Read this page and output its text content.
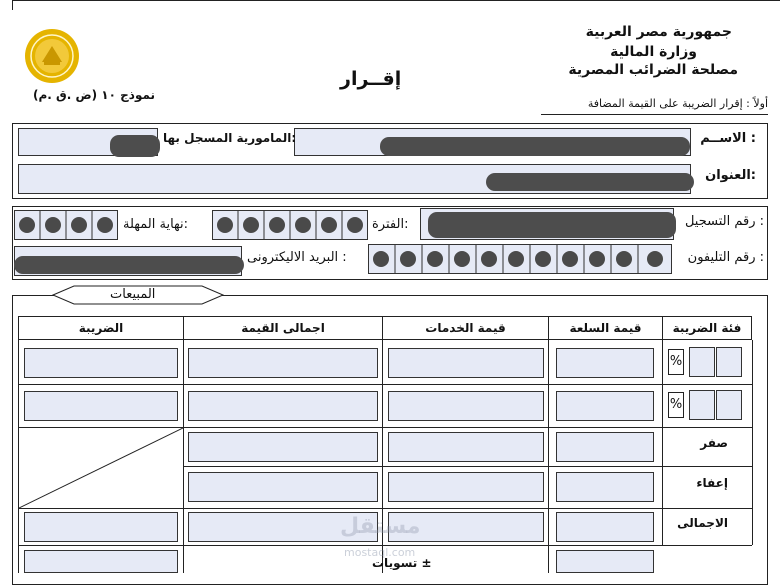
جمهورية مصر العربية
وزارة المالية
مصلحة الضرائب المصرية
إقــرار
نموذج ١٠ (ض .ق .م)
أولاً : إقرار الضريبة على القيمة المضافة
الاســم :
المامورية المسجل بها:
العنوان:
رقم التسجيل :
الفترة:
نهاية المهلة:
رقم التليفون :
البريد الاليكترونى :
المبيعات
فئة الضريبة
قيمة السلعة
قيمة الخدمات
اجمالى القيمة
الضريبة
%
%
صفر
إعفاء
الاجمالى
تسويات ±
مستقل
mostaql.com
